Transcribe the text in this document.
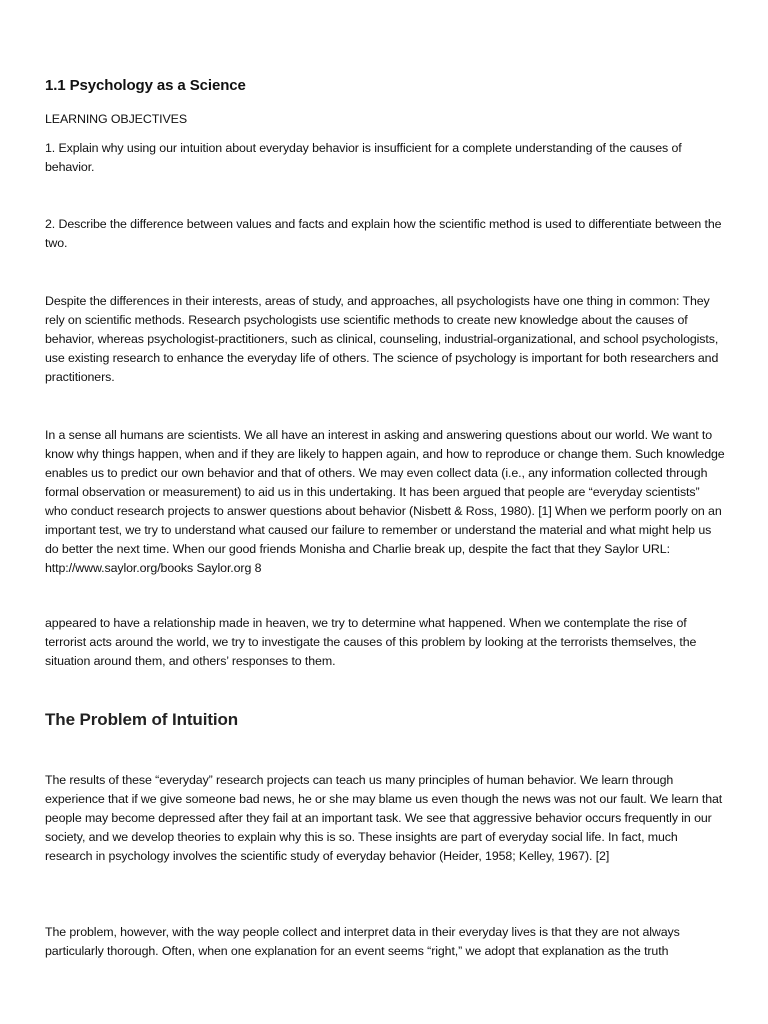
1.1 Psychology as a Science

LEARNING OBJECTIVES

1. Explain why using our intuition about everyday behavior is insufficient for a complete understanding of the causes of behavior.

2. Describe the difference between values and facts and explain how the scientific method is used to differentiate between the two.

Despite the differences in their interests, areas of study, and approaches, all psychologists have one thing in common: They rely on scientific methods. Research psychologists use scientific methods to create new knowledge about the causes of behavior, whereas psychologist-practitioners, such as clinical, counseling, industrial-organizational, and school psychologists, use existing research to enhance the everyday life of others. The science of psychology is important for both researchers and practitioners.

In a sense all humans are scientists. We all have an interest in asking and answering questions about our world. We want to know why things happen, when and if they are likely to happen again, and how to reproduce or change them. Such knowledge enables us to predict our own behavior and that of others. We may even collect data (i.e., any information collected through formal observation or measurement) to aid us in this undertaking. It has been argued that people are “everyday scientists” who conduct research projects to answer questions about behavior (Nisbett & Ross, 1980). [1] When we perform poorly on an important test, we try to understand what caused our failure to remember or understand the material and what might help us do better the next time. When our good friends Monisha and Charlie break up, despite the fact that they Saylor URL: http://www.saylor.org/books Saylor.org 8

appeared to have a relationship made in heaven, we try to determine what happened. When we contemplate the rise of terrorist acts around the world, we try to investigate the causes of this problem by looking at the terrorists themselves, the situation around them, and others’ responses to them.

The Problem of Intuition

The results of these “everyday” research projects can teach us many principles of human behavior. We learn through experience that if we give someone bad news, he or she may blame us even though the news was not our fault. We learn that people may become depressed after they fail at an important task. We see that aggressive behavior occurs frequently in our society, and we develop theories to explain why this is so. These insights are part of everyday social life. In fact, much research in psychology involves the scientific study of everyday behavior (Heider, 1958; Kelley, 1967). [2]

The problem, however, with the way people collect and interpret data in their everyday lives is that they are not always particularly thorough. Often, when one explanation for an event seems “right,” we adopt that explanation as the truth
